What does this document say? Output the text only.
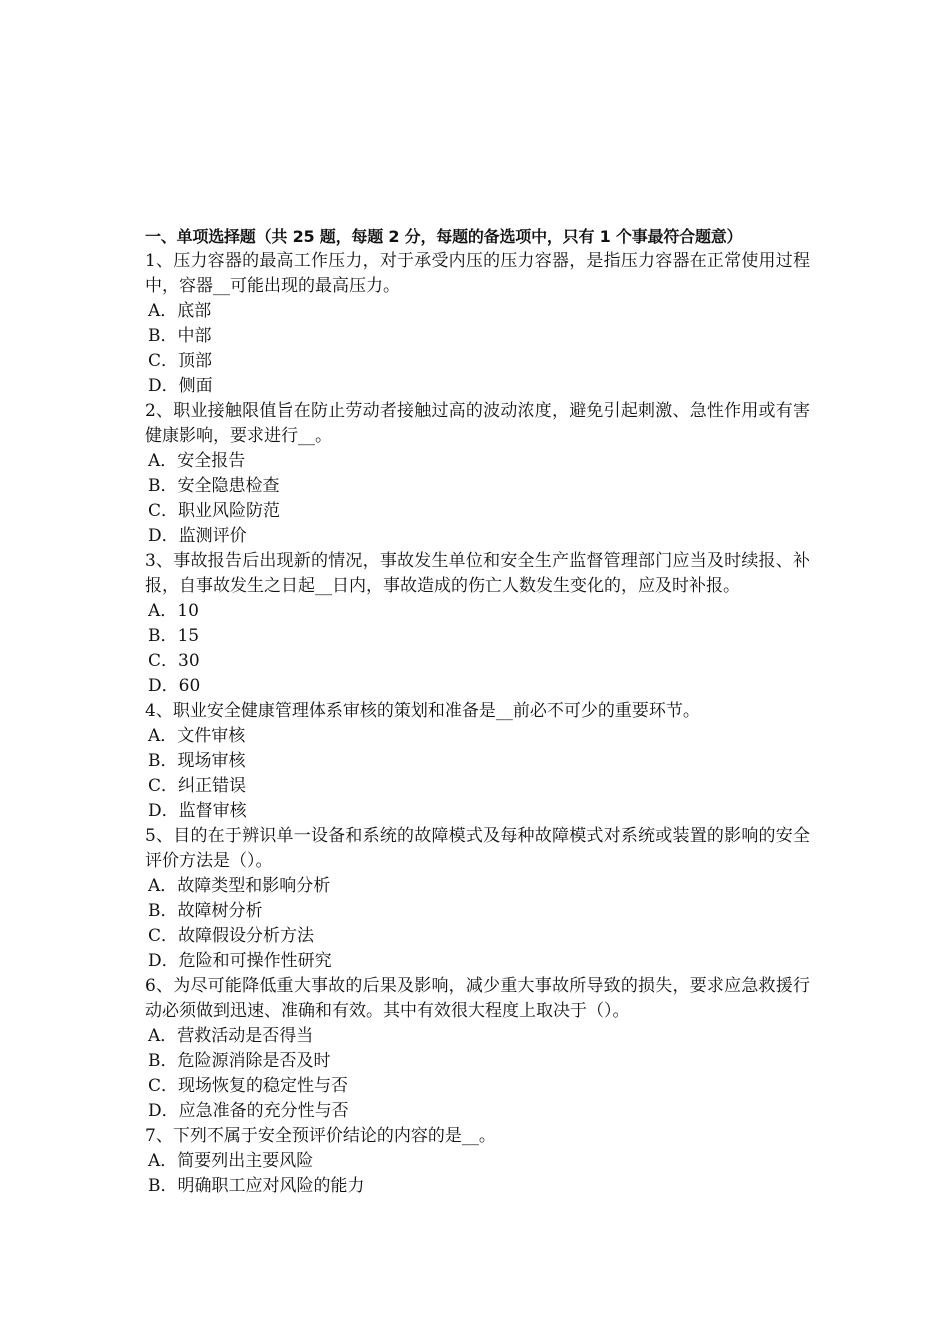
一、单项选择题（共 25 题，每题 2 分，每题的备选项中，只有 1 个事最符合题意）

1、压力容器的最高工作压力，对于承受内压的压力容器，是指压力容器在正常使用过程中，容器__可能出现的最高压力。

A．底部
B．中部
C．顶部
D．侧面

2、职业接触限值旨在防止劳动者接触过高的波动浓度，避免引起刺激、急性作用或有害健康影响，要求进行__。

A．安全报告
B．安全隐患检查
C．职业风险防范
D．监测评价

3、事故报告后出现新的情况，事故发生单位和安全生产监督管理部门应当及时续报、补报，自事故发生之日起__日内，事故造成的伤亡人数发生变化的，应及时补报。

A．10
B．15
C．30
D．60

4、职业安全健康管理体系审核的策划和准备是__前必不可少的重要环节。

A．文件审核
B．现场审核
C．纠正错误
D．监督审核

5、目的在于辨识单一设备和系统的故障模式及每种故障模式对系统或装置的影响的安全评价方法是（）。

A．故障类型和影响分析
B．故障树分析
C．故障假设分析方法
D．危险和可操作性研究

6、为尽可能降低重大事故的后果及影响，减少重大事故所导致的损失，要求应急救援行动必须做到迅速、准确和有效。其中有效很大程度上取决于（）。

A．营救活动是否得当
B．危险源消除是否及时
C．现场恢复的稳定性与否
D．应急准备的充分性与否

7、下列不属于安全预评价结论的内容的是__。

A．简要列出主要风险
B．明确职工应对风险的能力
